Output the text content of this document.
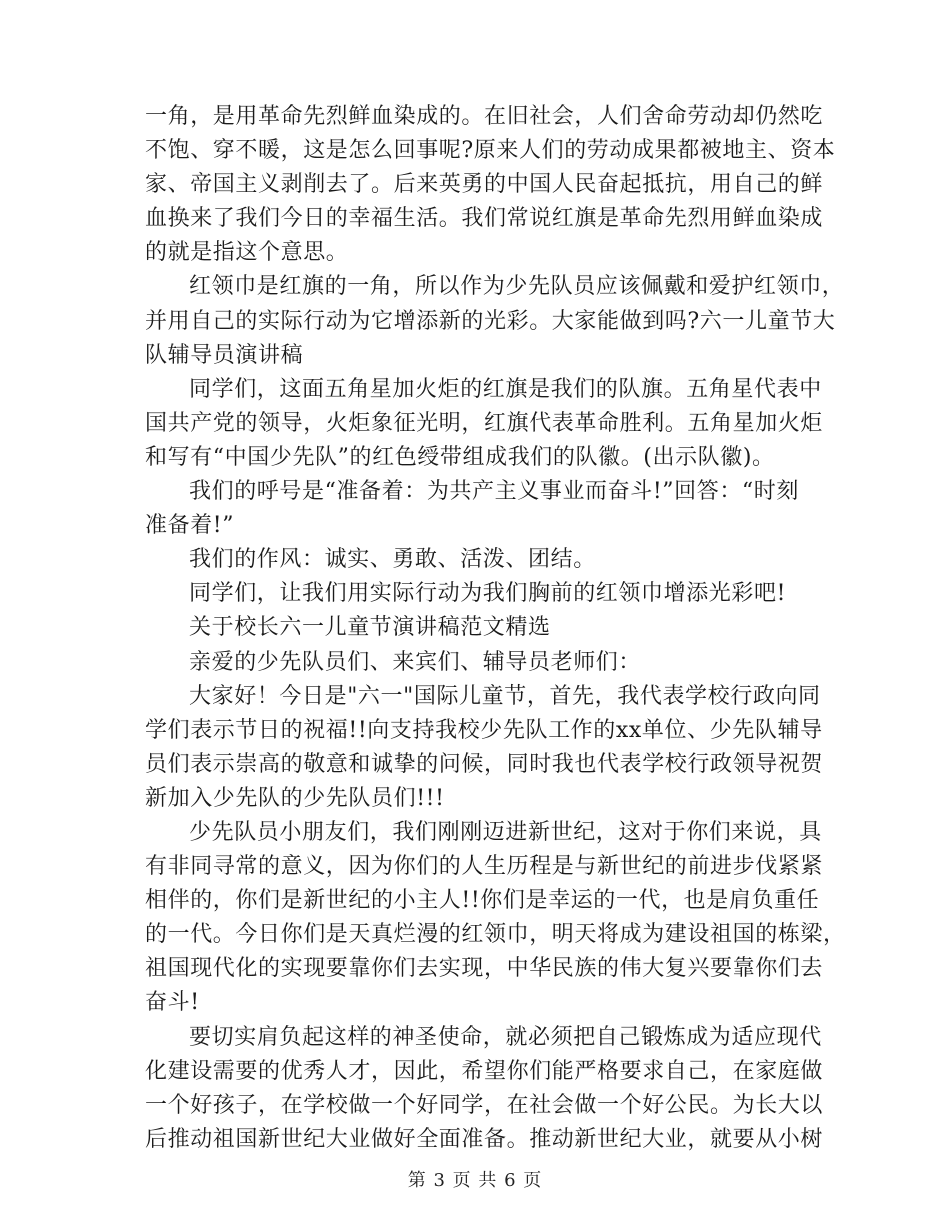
一角，是用革命先烈鲜血染成的。在旧社会，人们舍命劳动却仍然吃
不饱、穿不暖，这是怎么回事呢?原来人们的劳动成果都被地主、资本
家、帝国主义剥削去了。后来英勇的中国人民奋起抵抗，用自己的鲜
血换来了我们今日的幸福生活。我们常说红旗是革命先烈用鲜血染成
的就是指这个意思。
红领巾是红旗的一角，所以作为少先队员应该佩戴和爱护红领巾，
并用自己的实际行动为它增添新的光彩。大家能做到吗?六一儿童节大
队辅导员演讲稿
同学们，这面五角星加火炬的红旗是我们的队旗。五角星代表中
国共产党的领导，火炬象征光明，红旗代表革命胜利。五角星加火炬
和写有“中国少先队”的红色绶带组成我们的队徽。(出示队徽)。
我们的呼号是“准备着：为共产主义事业而奋斗!”回答：“时刻
准备着!”
我们的作风：诚实、勇敢、活泼、团结。
同学们，让我们用实际行动为我们胸前的红领巾增添光彩吧!
关于校长六一儿童节演讲稿范文精选
亲爱的少先队员们、来宾们、辅导员老师们：
大家好！今日是"六一"国际儿童节，首先，我代表学校行政向同
学们表示节日的祝福!!向支持我校少先队工作的xx单位、少先队辅导
员们表示崇高的敬意和诚挚的问候，同时我也代表学校行政领导祝贺
新加入少先队的少先队员们!!!
少先队员小朋友们，我们刚刚迈进新世纪，这对于你们来说，具
有非同寻常的意义，因为你们的人生历程是与新世纪的前进步伐紧紧
相伴的，你们是新世纪的小主人!!你们是幸运的一代，也是肩负重任
的一代。今日你们是天真烂漫的红领巾，明天将成为建设祖国的栋梁，
祖国现代化的实现要靠你们去实现，中华民族的伟大复兴要靠你们去
奋斗!
要切实肩负起这样的神圣使命，就必须把自己锻炼成为适应现代
化建设需要的优秀人才，因此，希望你们能严格要求自己，在家庭做
一个好孩子，在学校做一个好同学，在社会做一个好公民。为长大以
后推动祖国新世纪大业做好全面准备。推动新世纪大业，就要从小树
第 3 页 共 6 页
